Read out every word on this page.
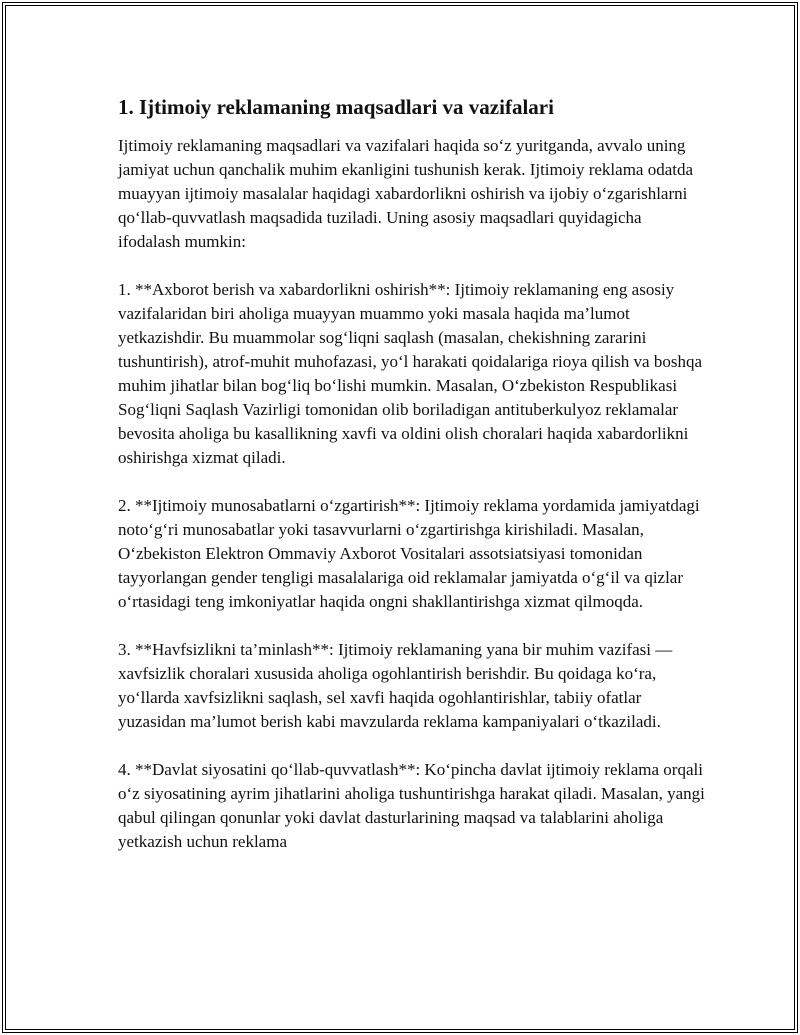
1. Ijtimoiy reklamaning maqsadlari va vazifalari

Ijtimoiy reklamaning maqsadlari va vazifalari haqida so‘z yuritganda, avvalo uning jamiyat uchun qanchalik muhim ekanligini tushunish kerak. Ijtimoiy reklama odatda muayyan ijtimoiy masalalar haqidagi xabardorlikni oshirish va ijobiy o‘zgarishlarni qo‘llab-quvvatlash maqsadida tuziladi. Uning asosiy maqsadlari quyidagicha ifodalash mumkin:

1. **Axborot berish va xabardorlikni oshirish**: Ijtimoiy reklamaning eng asosiy vazifalaridan biri aholiga muayyan muammo yoki masala haqida ma’lumot yetkazishdir. Bu muammolar sog‘liqni saqlash (masalan, chekishning zararini tushuntirish), atrof-muhit muhofazasi, yo‘l harakati qoidalariga rioya qilish va boshqa muhim jihatlar bilan bog‘liq bo‘lishi mumkin. Masalan, O‘zbekiston Respublikasi Sog‘liqni Saqlash Vazirligi tomonidan olib boriladigan antituberkulyoz reklamalar bevosita aholiga bu kasallikning xavfi va oldini olish choralari haqida xabardorlikni oshirishga xizmat qiladi.

2. **Ijtimoiy munosabatlarni o‘zgartirish**: Ijtimoiy reklama yordamida jamiyatdagi noto‘g‘ri munosabatlar yoki tasavvurlarni o‘zgartirishga kirishiladi. Masalan, O‘zbekiston Elektron Ommaviy Axborot Vositalari assotsiatsiyasi tomonidan tayyorlangan gender tengligi masalalariga oid reklamalar jamiyatda o‘g‘il va qizlar o‘rtasidagi teng imkoniyatlar haqida ongni shakllantirishga xizmat qilmoqda.

3. **Havfsizlikni ta’minlash**: Ijtimoiy reklamaning yana bir muhim vazifasi — xavfsizlik choralari xususida aholiga ogohlantirish berishdir. Bu qoidaga ko‘ra, yo‘llarda xavfsizlikni saqlash, sel xavfi haqida ogohlantirishlar, tabiiy ofatlar yuzasidan ma’lumot berish kabi mavzularda reklama kampaniyalari o‘tkaziladi.

4. **Davlat siyosatini qo‘llab-quvvatlash**: Ko‘pincha davlat ijtimoiy reklama orqali o‘z siyosatining ayrim jihatlarini aholiga tushuntirishga harakat qiladi. Masalan, yangi qabul qilingan qonunlar yoki davlat dasturlarining maqsad va talablarini aholiga yetkazish uchun reklama
